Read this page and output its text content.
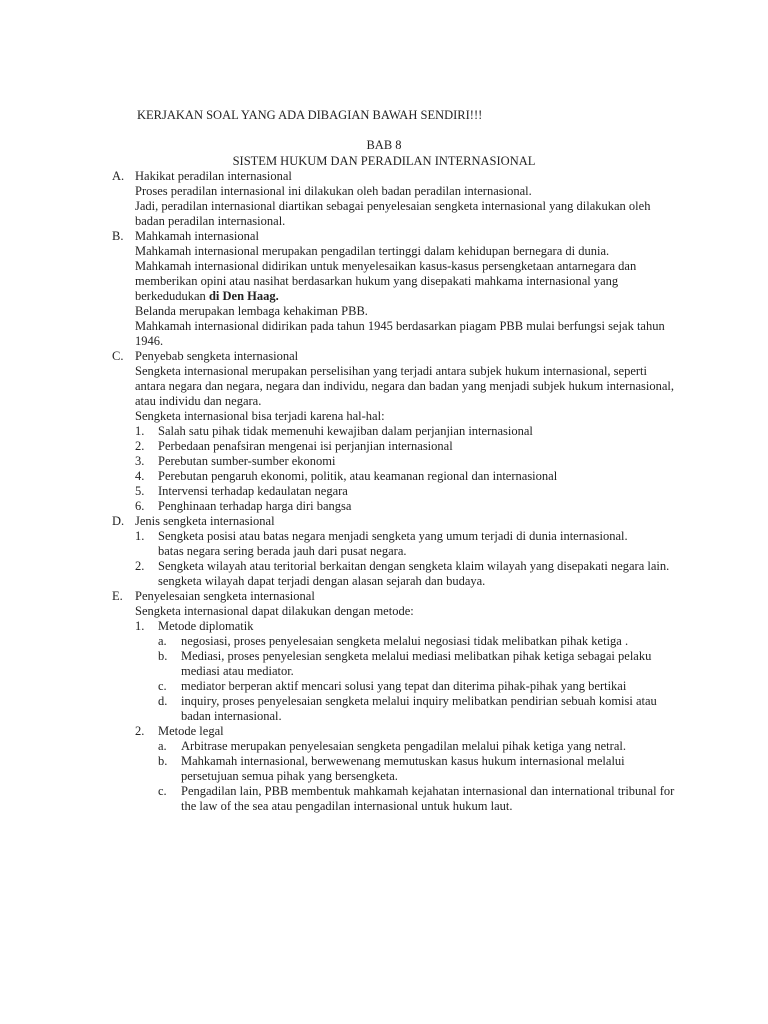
KERJAKAN SOAL YANG ADA DIBAGIAN BAWAH SENDIRI!!!
BAB 8
SISTEM HUKUM DAN PERADILAN INTERNASIONAL
A. Hakikat peradilan internasional
Proses peradilan internasional ini dilakukan oleh badan peradilan internasional.
Jadi, peradilan internasional diartikan sebagai penyelesaian sengketa internasional yang dilakukan oleh
badan peradilan internasional.
B. Mahkamah internasional
Mahkamah internasional merupakan pengadilan tertinggi dalam kehidupan bernegara di dunia.
Mahkamah internasional didirikan untuk menyelesaikan kasus-kasus persengketaan antarnegara dan
memberikan opini atau nasihat berdasarkan hukum yang disepakati mahkama internasional yang
berkedudukan di Den Haag.
Belanda merupakan lembaga kehakiman PBB.
Mahkamah internasional didirikan pada tahun 1945 berdasarkan piagam PBB mulai berfungsi sejak tahun
1946.
C. Penyebab sengketa internasional
Sengketa internasional merupakan perselisihan yang terjadi antara subjek hukum internasional, seperti
antara negara dan negara, negara dan individu, negara dan badan yang menjadi subjek hukum internasional,
atau individu dan negara.
Sengketa internasional bisa terjadi karena hal-hal:
1. Salah satu pihak tidak memenuhi kewajiban dalam perjanjian internasional
2. Perbedaan penafsiran mengenai isi perjanjian internasional
3. Perebutan sumber-sumber ekonomi
4. Perebutan pengaruh ekonomi, politik, atau keamanan regional dan internasional
5. Intervensi terhadap kedaulatan negara
6. Penghinaan terhadap harga diri bangsa
D. Jenis sengketa internasional
1. Sengketa posisi atau batas negara menjadi sengketa yang umum terjadi di dunia internasional.
batas negara sering berada jauh dari pusat negara.
2. Sengketa wilayah atau teritorial berkaitan dengan sengketa klaim wilayah yang disepakati negara lain.
sengketa wilayah dapat terjadi dengan alasan sejarah dan budaya.
E. Penyelesaian sengketa internasional
Sengketa internasional dapat dilakukan dengan metode:
1. Metode diplomatik
a. negosiasi, proses penyelesaian sengketa melalui negosiasi tidak melibatkan pihak ketiga .
b. Mediasi, proses penyelesian sengketa melalui mediasi melibatkan pihak ketiga sebagai pelaku
mediasi atau mediator.
c. mediator berperan aktif mencari solusi yang tepat dan diterima pihak-pihak yang bertikai
d. inquiry, proses penyelesaian sengketa melalui inquiry melibatkan pendirian sebuah komisi atau
badan internasional.
2. Metode legal
a. Arbitrase merupakan penyelesaian sengketa pengadilan melalui pihak ketiga yang netral.
b. Mahkamah internasional, berwewenang memutuskan kasus hukum internasional melalui
persetujuan semua pihak yang bersengketa.
c. Pengadilan lain, PBB membentuk mahkamah kejahatan internasional dan international tribunal for
the law of the sea atau pengadilan internasional untuk hukum laut.
